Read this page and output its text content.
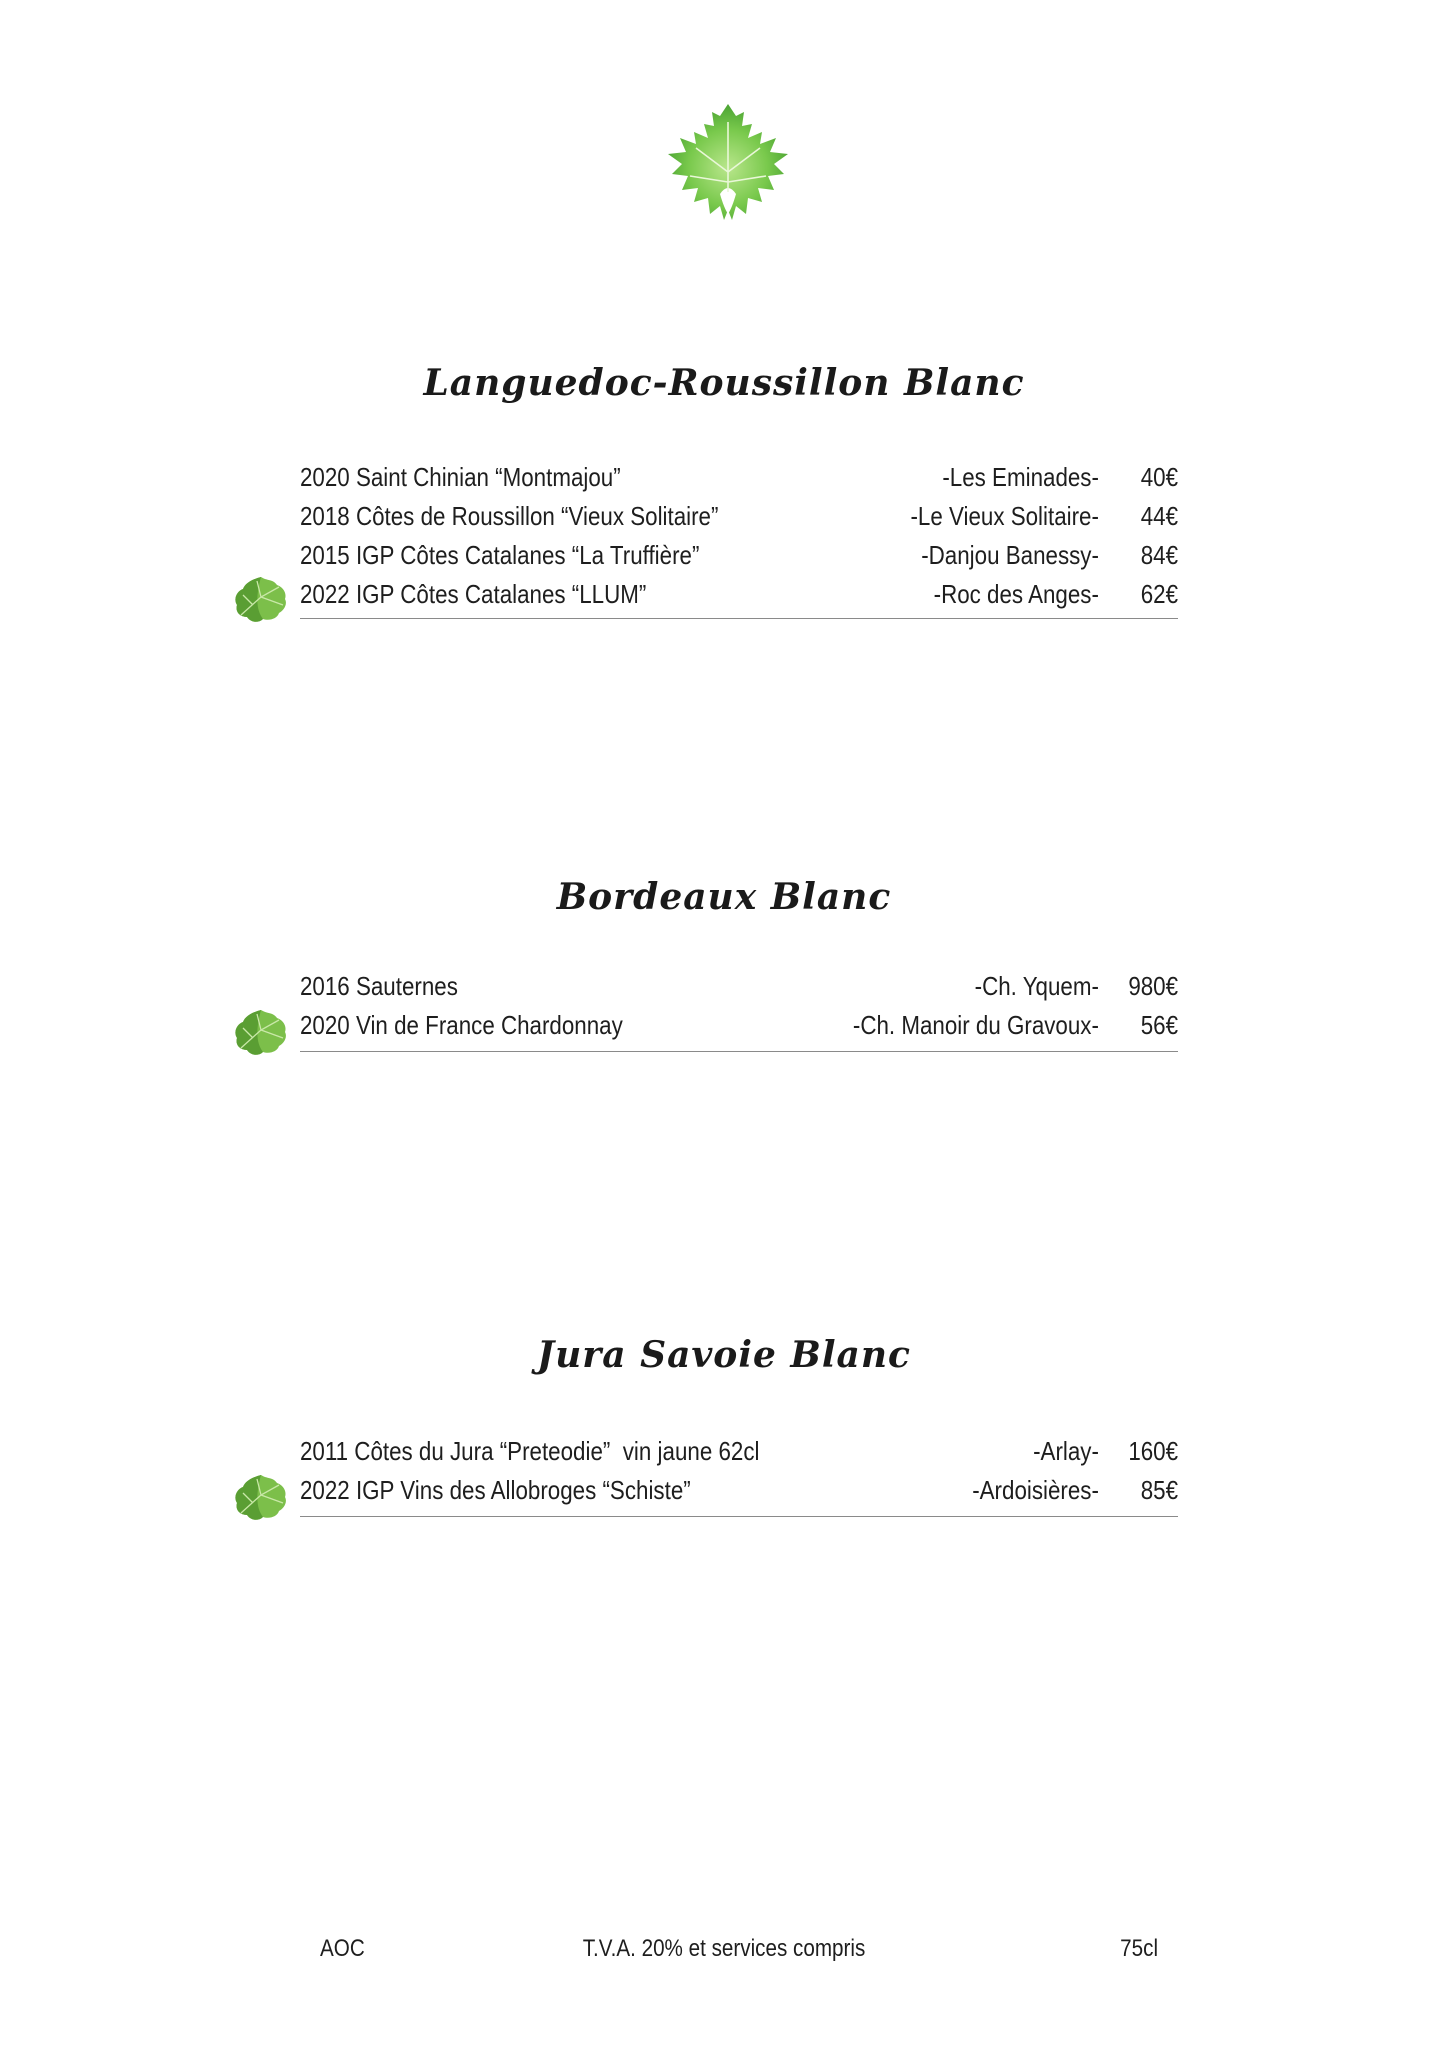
Languedoc-Roussillon Blanc
2020 Saint Chinian “Montmajou”	-Les Eminades- 40€
2018 Côtes de Roussillon “Vieux Solitaire”	-Le Vieux Solitaire- 44€
2015 IGP Côtes Catalanes “La Truffière”	-Danjou Banessy- 84€
2022 IGP Côtes Catalanes “LLUM”	-Roc des Anges- 62€
Bordeaux Blanc
2016 Sauternes	-Ch. Yquem- 980€
2020 Vin de France Chardonnay	-Ch. Manoir du Gravoux- 56€
Jura Savoie Blanc
2011 Côtes du Jura “Preteodie”  vin jaune 62cl	-Arlay- 160€
2022 IGP Vins des Allobroges “Schiste”	-Ardoisières- 85€
AOC	T.V.A. 20% et services compris	75cl
